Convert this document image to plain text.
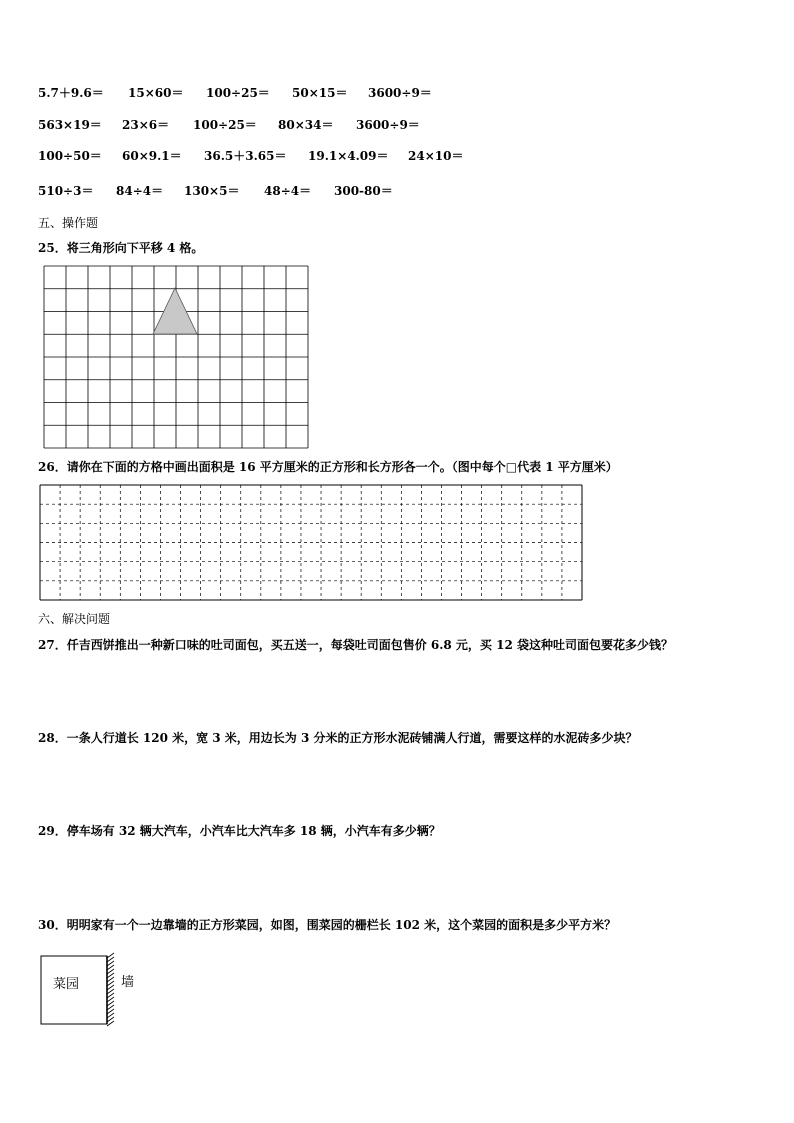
5.7＋9.6＝ 15×60＝ 100÷25＝ 50×15＝ 3600÷9＝
563×19＝ 23×6＝ 100÷25＝ 80×34＝ 3600÷9＝
100÷50＝ 60×9.1＝ 36.5＋3.65＝ 19.1×4.09＝ 24×10＝
510÷3＝ 84÷4＝ 130×5＝ 48÷4＝ 300-80＝
五、操作题
25．将三角形向下平移 4 格。
26．请你在下面的方格中画出面积是 16 平方厘米的正方形和长方形各一个。（图中每个□代表 1 平方厘米）
六、解决问题
27．仟吉西饼推出一种新口味的吐司面包，买五送一，每袋吐司面包售价 6.8 元，买 12 袋这种吐司面包要花多少钱？
28．一条人行道长 120 米，宽 3 米，用边长为 3 分米的正方形水泥砖铺满人行道，需要这样的水泥砖多少块？
29．停车场有 32 辆大汽车，小汽车比大汽车多 18 辆，小汽车有多少辆？
30．明明家有一个一边靠墙的正方形菜园，如图，围菜园的栅栏长 102 米，这个菜园的面积是多少平方米？
菜园	墙
